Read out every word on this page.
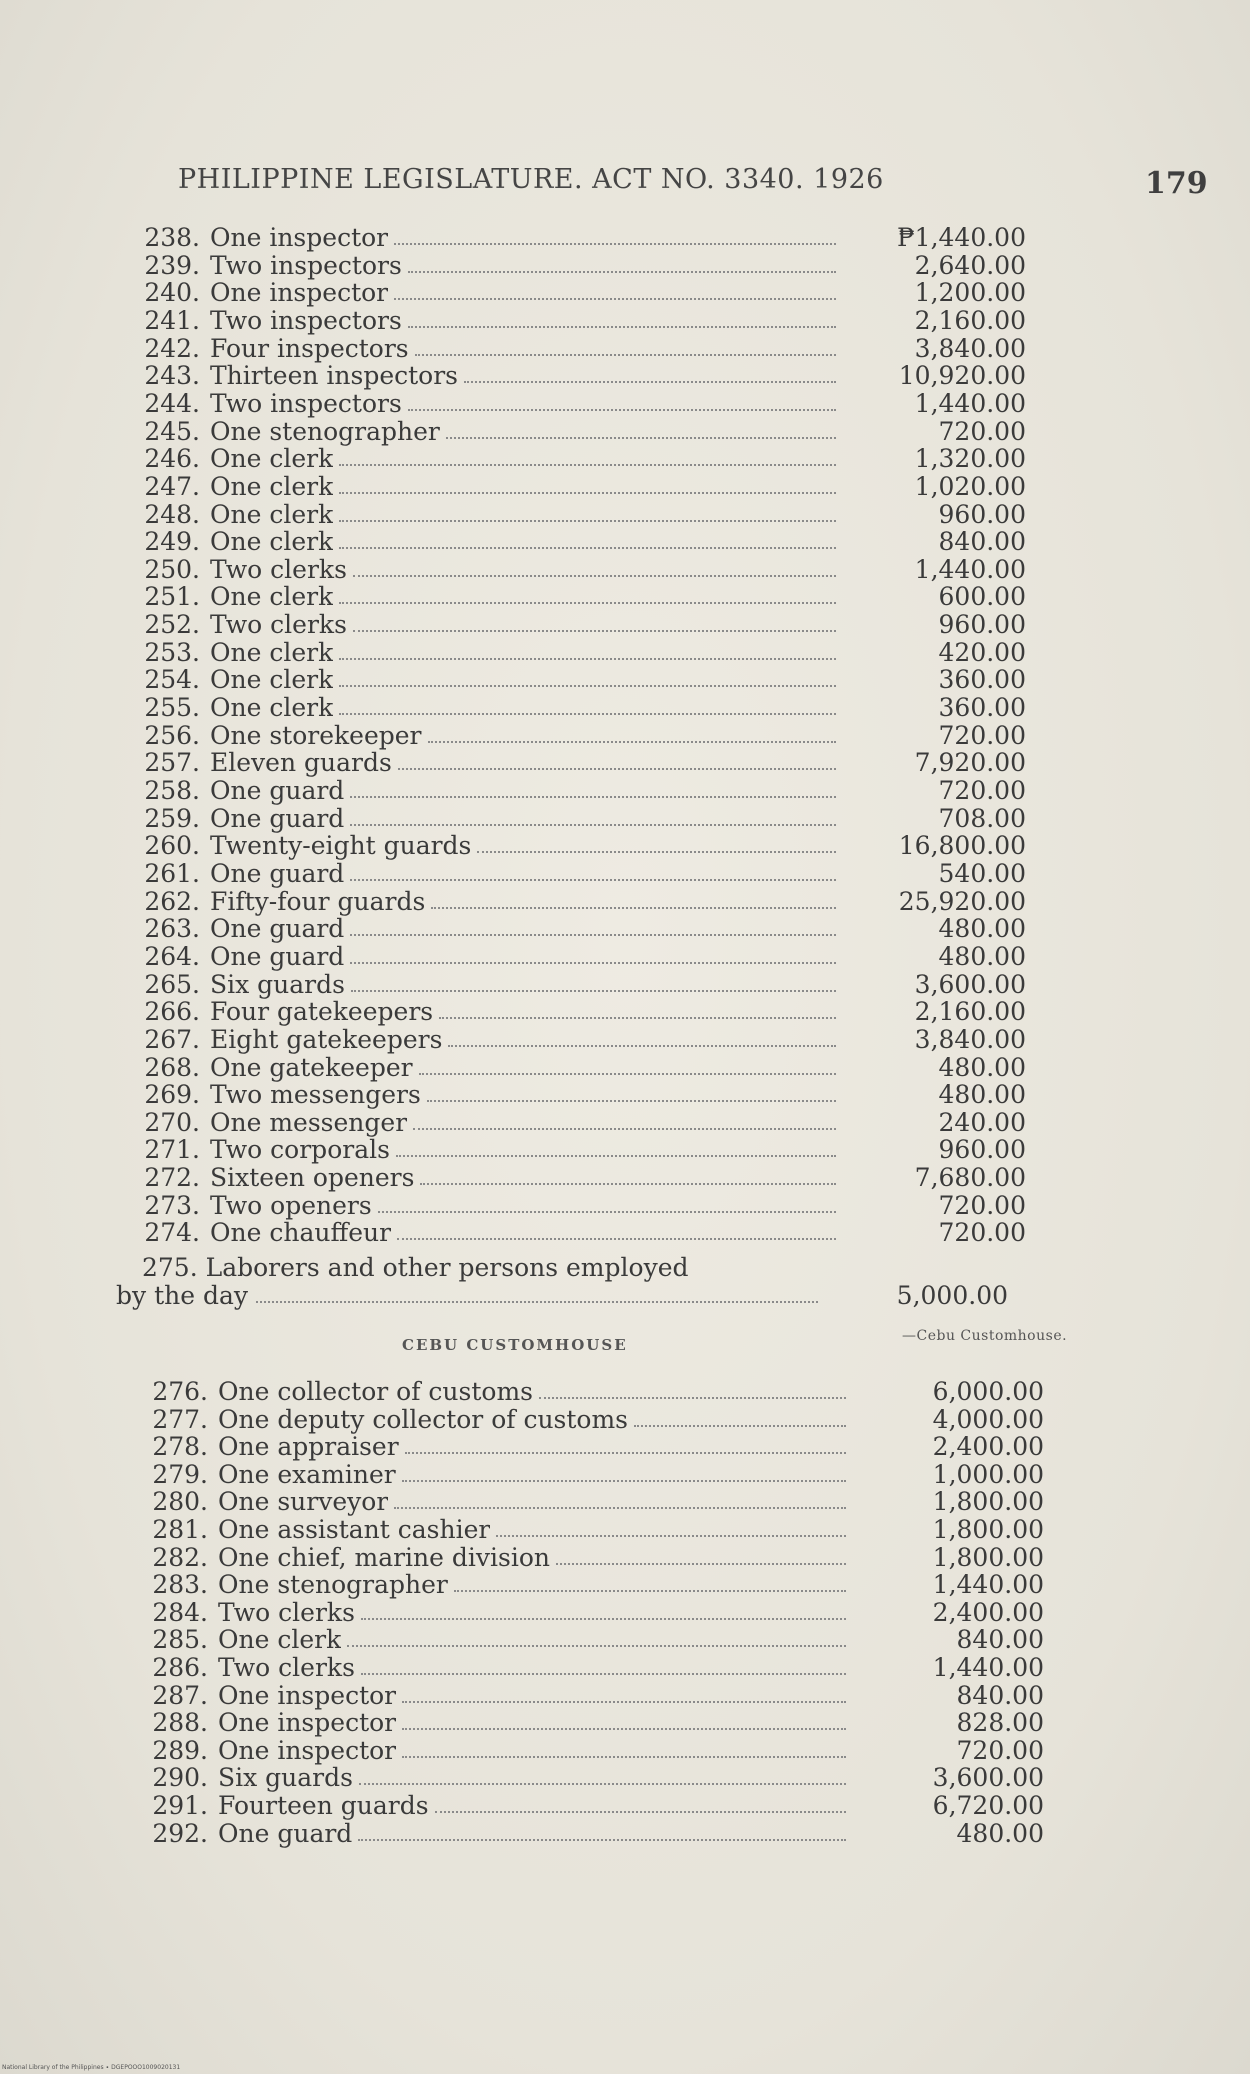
PHILIPPINE LEGISLATURE. ACT NO. 3340. 1926	179
238. One inspector	₱1,440.00
239. Two inspectors	2,640.00
240. One inspector	1,200.00
241. Two inspectors	2,160.00
242. Four inspectors	3,840.00
243. Thirteen inspectors	10,920.00
244. Two inspectors	1,440.00
245. One stenographer	720.00
246. One clerk	1,320.00
247. One clerk	1,020.00
248. One clerk	960.00
249. One clerk	840.00
250. Two clerks	1,440.00
251. One clerk	600.00
252. Two clerks	960.00
253. One clerk	420.00
254. One clerk	360.00
255. One clerk	360.00
256. One storekeeper	720.00
257. Eleven guards	7,920.00
258. One guard	720.00
259. One guard	708.00
260. Twenty-eight guards	16,800.00
261. One guard	540.00
262. Fifty-four guards	25,920.00
263. One guard	480.00
264. One guard	480.00
265. Six guards	3,600.00
266. Four gatekeepers	2,160.00
267. Eight gatekeepers	3,840.00
268. One gatekeeper	480.00
269. Two messengers	480.00
270. One messenger	240.00
271. Two corporals	960.00
272. Sixteen openers	7,680.00
273. Two openers	720.00
274. One chauffeur	720.00
275. Laborers and other persons employed
by the day	5,000.00
CEBU CUSTOMHOUSE	—Cebu Customhouse.
276. One collector of customs	6,000.00
277. One deputy collector of customs	4,000.00
278. One appraiser	2,400.00
279. One examiner	1,000.00
280. One surveyor	1,800.00
281. One assistant cashier	1,800.00
282. One chief, marine division	1,800.00
283. One stenographer	1,440.00
284. Two clerks	2,400.00
285. One clerk	840.00
286. Two clerks	1,440.00
287. One inspector	840.00
288. One inspector	828.00
289. One inspector	720.00
290. Six guards	3,600.00
291. Fourteen guards	6,720.00
292. One guard	480.00
National Library of the Philippines ∙ DGEPOOO1009020131
